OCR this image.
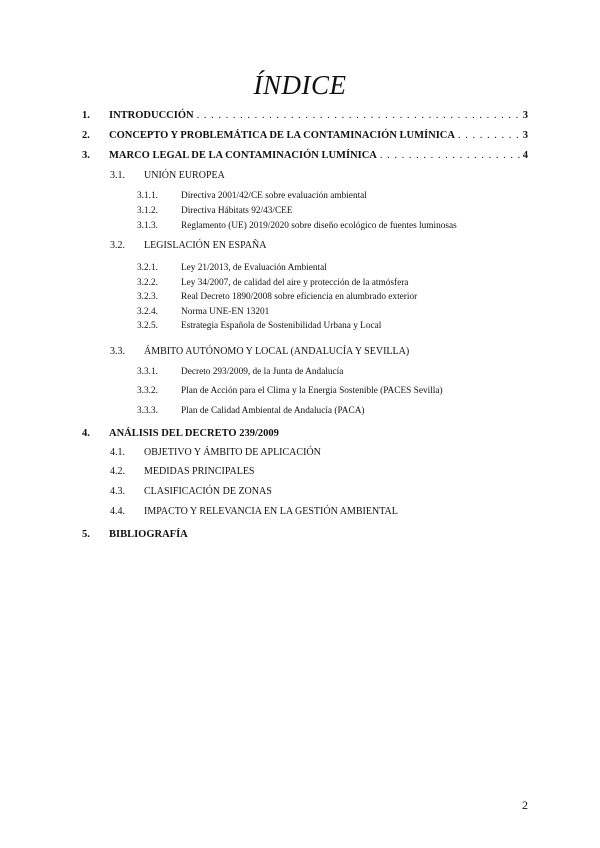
ÍNDICE
1.	INTRODUCCIÓN . . .	3
2.	CONCEPTO Y PROBLEMÁTICA DE LA CONTAMINACIÓN LUMÍNICA . . .	3
3.	MARCO LEGAL DE LA CONTAMINACIÓN LUMÍNICA . . .	4
3.1.	UNIÓN EUROPEA
3.1.1.	Directiva 2001/42/CE sobre evaluación ambiental
3.1.2.	Directiva Hábitats 92/43/CEE
3.1.3.	Reglamento (UE) 2019/2020 sobre diseño ecológico de fuentes luminosas
3.2.	LEGISLACIÓN EN ESPAÑA
3.2.1.	Ley 21/2013, de Evaluación Ambiental
3.2.2.	Ley 34/2007, de calidad del aire y protección de la atmósfera
3.2.3.	Real Decreto 1890/2008 sobre eficiencia en alumbrado exterior
3.2.4.	Norma UNE-EN 13201
3.2.5.	Estrategia Española de Sostenibilidad Urbana y Local
3.3.	ÁMBITO AUTÓNOMO Y LOCAL (ANDALUCÍA Y SEVILLA)
3.3.1.	Decreto 293/2009, de la Junta de Andalucía
3.3.2.	Plan de Acción para el Clima y la Energía Sostenible (PACES Sevilla)
3.3.3.	Plan de Calidad Ambiental de Andalucía (PACA)
4.	ANÁLISIS DEL DECRETO 239/2009
4.1.	OBJETIVO Y ÁMBITO DE APLICACIÓN
4.2.	MEDIDAS PRINCIPALES
4.3.	CLASIFICACIÓN DE ZONAS
4.4.	IMPACTO Y RELEVANCIA EN LA GESTIÓN AMBIENTAL
5.	BIBLIOGRAFÍA
2
